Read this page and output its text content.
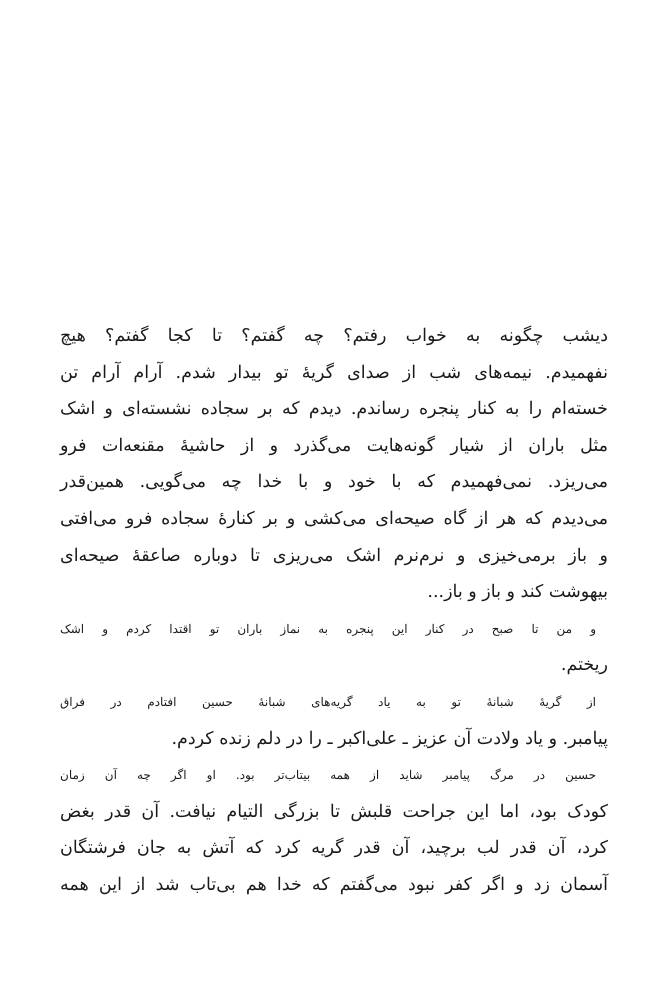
دیشب چگونه به خواب رفتم؟ چه گفتم؟ تا کجا گفتم؟ هیچ
نفهمیدم. نیمه‌های شب از صدای گریهٔ تو بیدار شدم. آرام آرام تن
خسته‌ام را به کنار پنجره رساندم. دیدم که بر سجاده نشسته‌ای و اشک
مثل باران از شیار گونه‌هایت می‌گذرد و از حاشیهٔ مقنعه‌ات فرو
می‌ریزد. نمی‌فهمیدم که با خود و با خدا چه می‌گویی. همین‌قدر
می‌دیدم که هر از گاه صیحه‌ای می‌کشی و بر کنارهٔ سجاده فرو می‌افتی
و باز برمی‌خیزی و نرم‌نرم اشک می‌ریزی تا دوباره صاعقهٔ صیحه‌ای
بیهوشت کند و باز و باز...
و من تا صبح در کنار این پنجره به نماز باران تو اقتدا کردم و اشک
ریختم.
از گریهٔ شبانهٔ تو به یاد گریه‌های شبانهٔ حسین افتادم در فراق
پیامبر. و یاد ولادت آن عزیز ـ علی‌اکبر ـ را در دلم زنده کردم.
حسین در مرگ پیامبر شاید از همه بیتاب‌تر بود. او اگر چه آن زمان
کودک بود، اما این جراحت قلبش تا بزرگی التیام نیافت. آن قدر بغض
کرد، آن قدر لب برچید، آن قدر گریه کرد که آتش به جان فرشتگان
آسمان زد و اگر کفر نبود می‌گفتم که خدا هم بی‌تاب شد از این همه
